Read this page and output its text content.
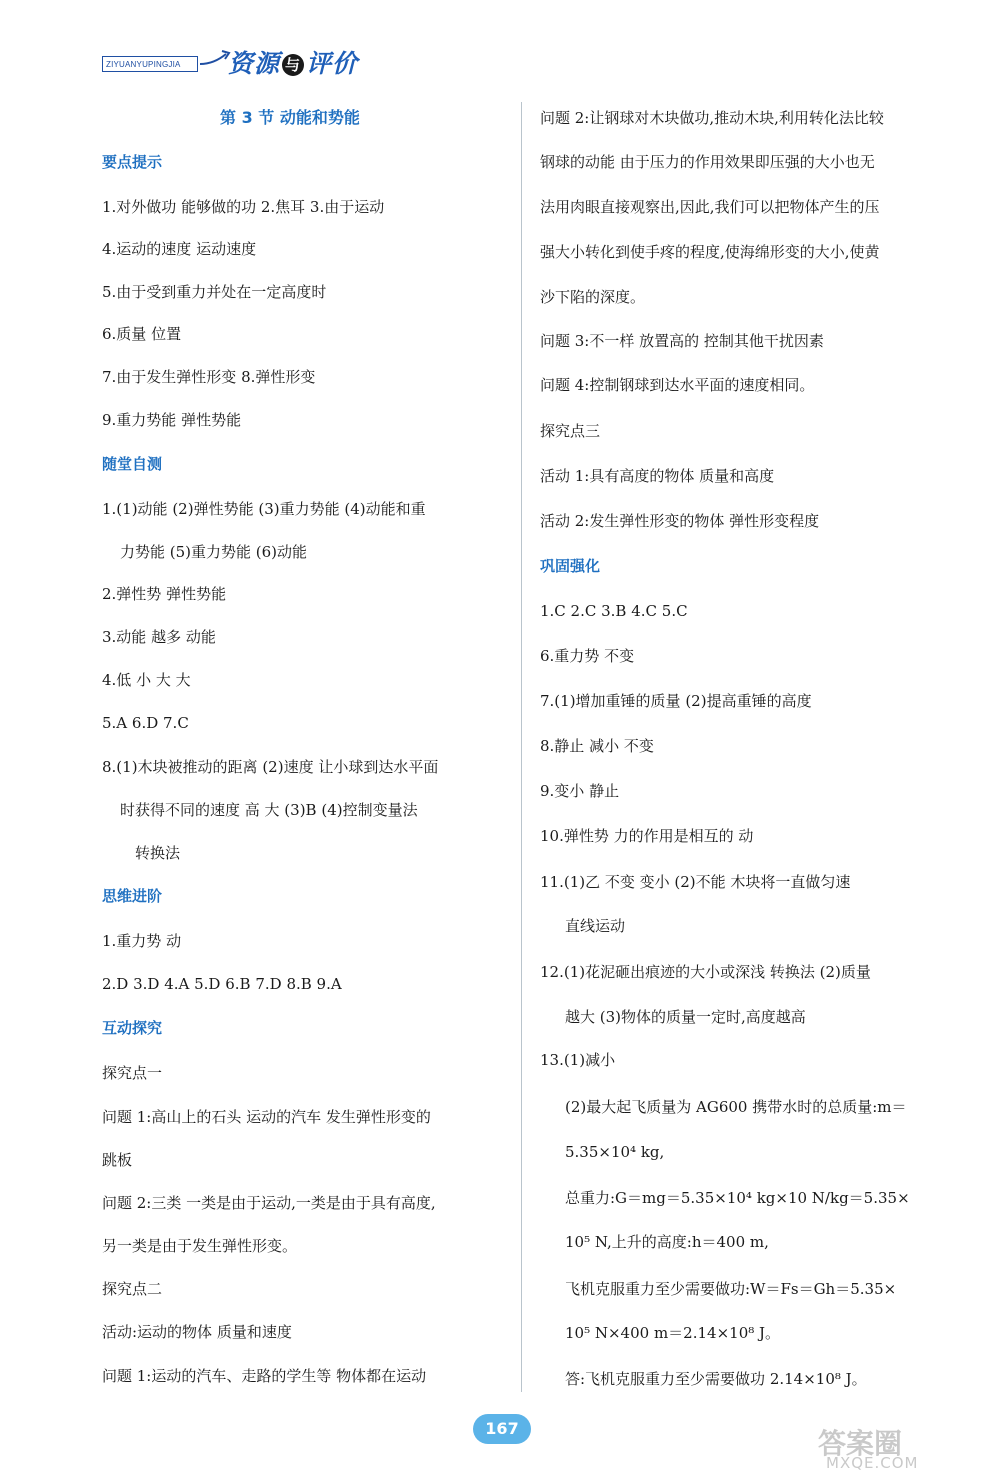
ZIYUANYUPINGJIA	资源 与 评价
第 3 节 动能和势能
要点提示
1.对外做功 能够做的功 2.焦耳 3.由于运动
4.运动的速度 运动速度
5.由于受到重力并处在一定高度时
6.质量 位置
7.由于发生弹性形变 8.弹性形变
9.重力势能 弹性势能
随堂自测
1.(1)动能 (2)弹性势能 (3)重力势能 (4)动能和重
力势能 (5)重力势能 (6)动能
2.弹性势 弹性势能
3.动能 越多 动能
4.低 小 大 大
5.A 6.D 7.C
8.(1)木块被推动的距离 (2)速度 让小球到达水平面
时获得不同的速度 高 大 (3)B (4)控制变量法
转换法
思维进阶
1.重力势 动
2.D 3.D 4.A 5.D 6.B 7.D 8.B 9.A
互动探究
探究点一
问题 1:高山上的石头 运动的汽车 发生弹性形变的
跳板
问题 2:三类 一类是由于运动,一类是由于具有高度,
另一类是由于发生弹性形变。
探究点二
活动:运动的物体 质量和速度
问题 1:运动的汽车、走路的学生等 物体都在运动
问题 2:让钢球对木块做功,推动木块,利用转化法比较
钢球的动能 由于压力的作用效果即压强的大小也无
法用肉眼直接观察出,因此,我们可以把物体产生的压
强大小转化到使手疼的程度,使海绵形变的大小,使黄
沙下陷的深度。
问题 3:不一样 放置高的 控制其他干扰因素
问题 4:控制钢球到达水平面的速度相同。
探究点三
活动 1:具有高度的物体 质量和高度
活动 2:发生弹性形变的物体 弹性形变程度
巩固强化
1.C 2.C 3.B 4.C 5.C
6.重力势 不变
7.(1)增加重锤的质量 (2)提高重锤的高度
8.静止 减小 不变
9.变小 静止
10.弹性势 力的作用是相互的 动
11.(1)乙 不变 变小 (2)不能 木块将一直做匀速
直线运动
12.(1)花泥砸出痕迹的大小或深浅 转换法 (2)质量
越大 (3)物体的质量一定时,高度越高
13.(1)减小
(2)最大起飞质量为 AG600 携带水时的总质量:m＝
5.35×10⁴ kg,
总重力:G＝mg＝5.35×10⁴ kg×10 N/kg＝5.35×
10⁵ N,上升的高度:h＝400 m,
飞机克服重力至少需要做功:W＝Fs＝Gh＝5.35×
10⁵ N×400 m＝2.14×10⁸ J。
答:飞机克服重力至少需要做功 2.14×10⁸ J。
167	答案圈
MXQE.COM
